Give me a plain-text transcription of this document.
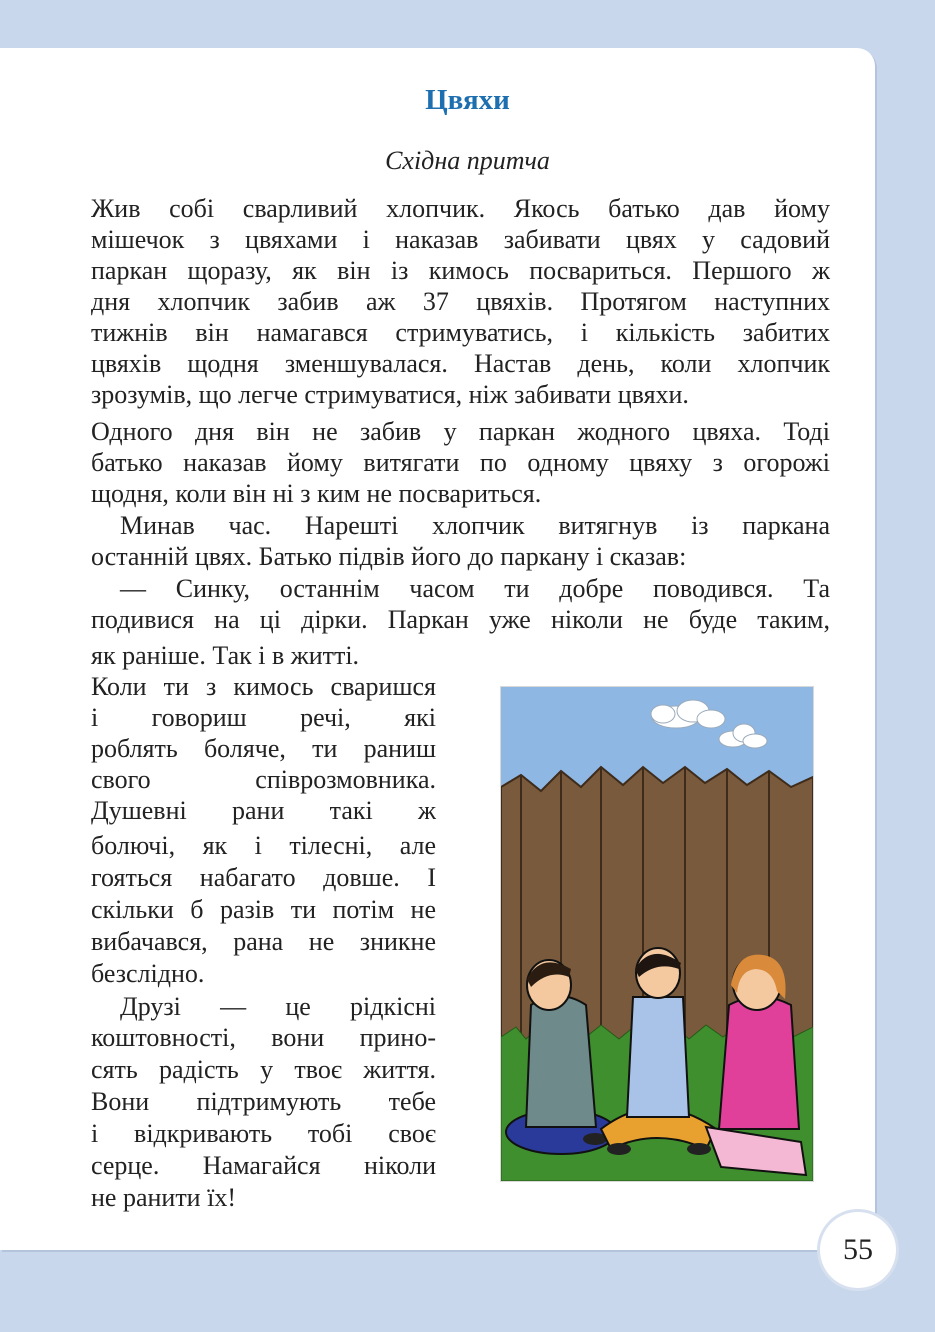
Цвяхи
Східна притча
Жив собі сварливий хлопчик. Якось батько дав йому
мішечок з цвяхами і наказав забивати цвях у садовий
паркан щоразу, як він із кимось посвариться. Першого ж
дня хлопчик забив аж 37 цвяхів. Протягом наступних
тижнів він намагався стримуватись, і кількість забитих
цвяхів щодня зменшувалася. Настав день, коли хлопчик
зрозумів, що легче стримуватися, ніж забивати цвяхи.
Одного дня він не забив у паркан жодного цвяха. Тоді
батько наказав йому витягати по одному цвяху з огорожі
щодня, коли він ні з ким не посвариться.
Минав час. Нарешті хлопчик витягнув із паркана
останній цвях. Батько підвів його до паркану і сказав:
— Синку, останнім часом ти добре поводився. Та
подивися на ці дірки. Паркан уже ніколи не буде таким,
як раніше. Так і в житті.
Коли ти з кимось сваришся
і говориш речі, які
роблять боляче, ти раниш
свого співрозмовника.
Душевні рани такі ж
болючі, як і тілесні, але
гояться набагато довше. І
скільки б разів ти потім не
вибачався, рана не зникне
безслідно.
Друзі — це рідкісні
коштовності, вони прино-
сять радість у твоє життя.
Вони підтримують тебе
і відкривають тобі своє
серце. Намагайся ніколи
не ранити їх!
55
